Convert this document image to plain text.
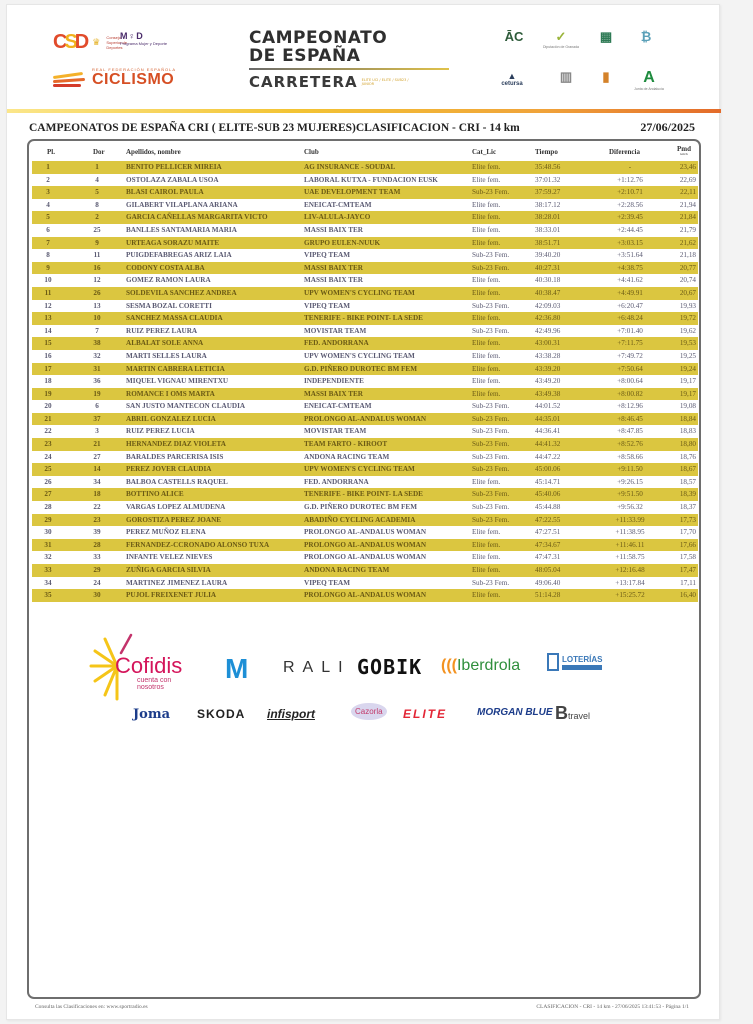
CSD ♛ Consejo Superior de Deportes
M♀D
Programa Mujer y Deporte
REAL FEDERACIÓN ESPAÑOLA
CICLISMO
CAMPEONATO
DE ESPAÑA
CARRETERA ELITE UCI / ELITE / SUB23 / JUNIOR
ĀC	✓
Diputación de Granada
▦	₿
▲
cetursa	▥	▮	A
Junta de Andalucía
CAMPEONATOS DE ESPAÑA CRI ( ELITE-SUB 23 MUJERES)CLASIFICACION - CRI - 14 km	27/06/2025
Pl.	Dor	Apellidos, nombre	Club	Cat_Lic	Tiempo	Diferencia	Pmd
km/h
1	1	BENITO PELLICER MIREIA	AG INSURANCE - SOUDAL	Elite fem.	35:48.56	-	23,46
2	4	OSTOLAZA ZABALA USOA	LABORAL KUTXA - FUNDACION EUSK	Elite fem.	37:01.32	+1:12.76	22,69
3	5	BLASI CAIROL PAULA	UAE DEVELOPMENT TEAM	Sub-23 Fem.	37:59.27	+2:10.71	22,11
4	8	GILABERT VILAPLANA ARIANA	ENEICAT-CMTEAM	Elite fem.	38:17.12	+2:28.56	21,94
5	2	GARCIA CAÑELLAS MARGARITA VICTO	LIV-ALULA-JAYCO	Elite fem.	38:28.01	+2:39.45	21,84
6	25	BANLLES SANTAMARIA MARIA	MASSI BAIX TER	Elite fem.	38:33.01	+2:44.45	21,79
7	9	URTEAGA SORAZU MAITE	GRUPO EULEN-NUUK	Elite fem.	38:51.71	+3:03.15	21,62
8	11	PUIGDEFABREGAS ARIZ LAIA	VIPEQ TEAM	Sub-23 Fem.	39:40.20	+3:51.64	21,18
9	16	CODONY COSTA ALBA	MASSI BAIX TER	Sub-23 Fem.	40:27.31	+4:38.75	20,77
10	12	GOMEZ RAMON LAURA	MASSI BAIX TER	Elite fem.	40:30.18	+4:41.62	20,74
11	26	SOLDEVILA SANCHEZ ANDREA	UPV WOMEN'S CYCLING TEAM	Elite fem.	40:38.47	+4:49.91	20,67
12	13	SESMA BOZAL CORETTI	VIPEQ TEAM	Sub-23 Fem.	42:09.03	+6:20.47	19,93
13	10	SANCHEZ MASSA CLAUDIA	TENERIFE - BIKE POINT- LA SEDE	Elite fem.	42:36.80	+6:48.24	19,72
14	7	RUIZ PEREZ LAURA	MOVISTAR TEAM	Sub-23 Fem.	42:49.96	+7:01.40	19,62
15	38	ALBALAT SOLE ANNA	FED. ANDORRANA	Elite fem.	43:00.31	+7:11.75	19,53
16	32	MARTI SELLES LAURA	UPV WOMEN'S CYCLING TEAM	Elite fem.	43:38.28	+7:49.72	19,25
17	31	MARTIN CABRERA LETICIA	G.D. PIÑERO DUROTEC BM FEM	Elite fem.	43:39.20	+7:50.64	19,24
18	36	MIQUEL VIGNAU MIRENTXU	INDEPENDIENTE	Elite fem.	43:49.20	+8:00.64	19,17
19	19	ROMANCE I OMS MARTA	MASSI BAIX TER	Elite fem.	43:49.38	+8:00.82	19,17
20	6	SAN JUSTO MANTECON CLAUDIA	ENEICAT-CMTEAM	Sub-23 Fem.	44:01.52	+8:12.96	19,08
21	37	ABRIL GONZALEZ LUCIA	PROLONGO AL-ANDALUS WOMAN	Sub-23 Fem.	44:35.01	+8:46.45	18,84
22	3	RUIZ PEREZ LUCIA	MOVISTAR TEAM	Sub-23 Fem.	44:36.41	+8:47.85	18,83
23	21	HERNANDEZ DIAZ VIOLETA	TEAM FARTO - KIROOT	Sub-23 Fem.	44:41.32	+8:52.76	18,80
24	27	BARALDES PARCERISA ISIS	ANDONA RACING TEAM	Sub-23 Fem.	44:47.22	+8:58.66	18,76
25	14	PEREZ JOVER CLAUDIA	UPV WOMEN'S CYCLING TEAM	Sub-23 Fem.	45:00.06	+9:11.50	18,67
26	34	BALBOA CASTELLS RAQUEL	FED. ANDORRANA	Elite fem.	45:14.71	+9:26.15	18,57
27	18	BOTTINO ALICE	TENERIFE - BIKE POINT- LA SEDE	Sub-23 Fem.	45:40.06	+9:51.50	18,39
28	22	VARGAS LOPEZ ALMUDENA	G.D. PIÑERO DUROTEC BM FEM	Sub-23 Fem.	45:44.88	+9:56.32	18,37
29	23	GOROSTIZA PEREZ JOANE	ABADIÑO CYCLING ACADEMIA	Sub-23 Fem.	47:22.55	+11:33.99	17,73
30	39	PEREZ MUÑOZ ELENA	PROLONGO AL-ANDALUS WOMAN	Elite fem.	47:27.51	+11:38.95	17,70
31	28	FERNANDEZ-CCRONADO ALONSO TUXA	PROLONGO AL-ANDALUS WOMAN	Elite fem.	47:34.67	+11:46.11	17,66
32	33	INFANTE VELEZ NIEVES	PROLONGO AL-ANDALUS WOMAN	Elite fem.	47:47.31	+11:58.75	17,58
33	29	ZUÑIGA GARCIA SILVIA	ANDONA RACING TEAM	Elite fem.	48:05.04	+12:16.48	17,47
34	24	MARTINEZ JIMENEZ LAURA	VIPEQ TEAM	Sub-23 Fem.	49:06.40	+13:17.84	17,11
35	30	PUJOL FREIXENET JULIA	PROLONGO AL-ANDALUS WOMAN	Elite fem.	51:14.28	+15:25.72	16,40
Cofidis
cuenta con
nosotros
M RALI GOBIK (((Iberdrola	LOTERÍAS
Joma SKODA infisport	Cazorla	ELITE	MORGAN BLUE Btravel
Consulta las Clasificaciones en: www.sportradio.es	CLASIFICACION - CRI - 14 km - 27/06/2025 13:41:53 - Página 1/1
